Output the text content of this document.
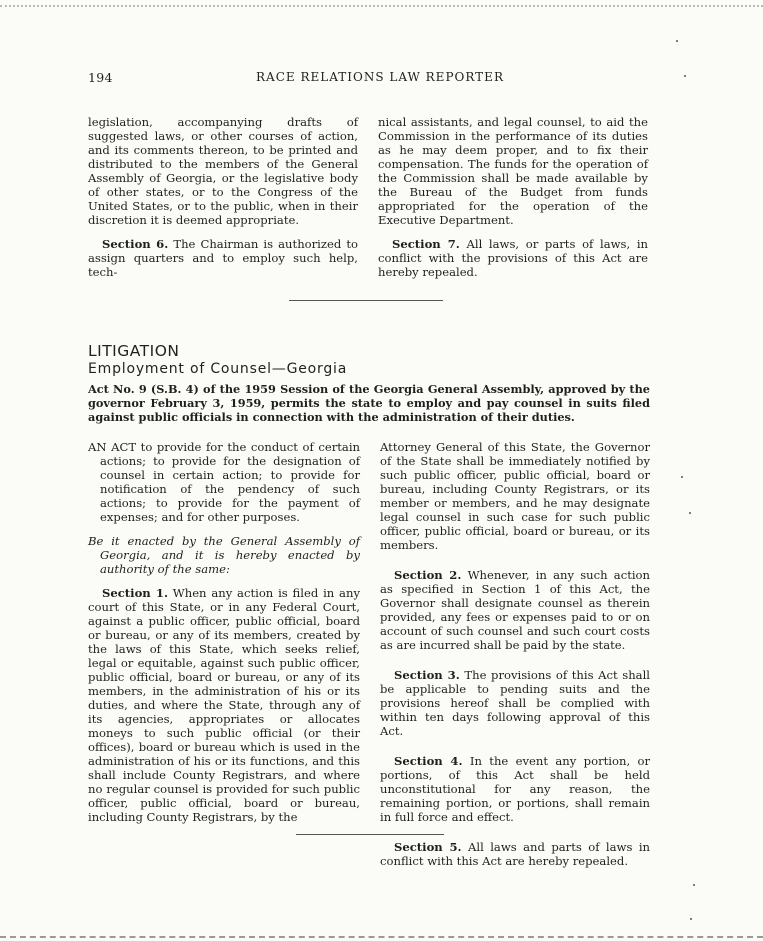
194	RACE RELATIONS LAW REPORTER

legislation, accompanying drafts of suggested laws, or other courses of action, and its comments thereon, to be printed and distributed to the members of the General Assembly of Georgia, or the legislative body of other states, or to the Congress of the United States, or to the public, when in their discretion it is deemed appropriate.

Section 6. The Chairman is authorized to assign quarters and to employ such help, tech-

nical assistants, and legal counsel, to aid the Commission in the performance of its duties as he may deem proper, and to fix their compensation. The funds for the operation of the Commission shall be made available by the Bureau of the Budget from funds appropriated for the operation of the Executive Department.

Section 7. All laws, or parts of laws, in conflict with the provisions of this Act are hereby repealed.

LITIGATION
Employment of Counsel—Georgia
Act No. 9 (S.B. 4) of the 1959 Session of the Georgia General Assembly, approved by the governor February 3, 1959, permits the state to employ and pay counsel in suits filed against public officials in connection with the administration of their duties.

AN ACT to provide for the conduct of certain actions; to provide for the designation of counsel in certain action; to provide for notification of the pendency of such actions; to provide for the payment of expenses; and for other purposes.

Be it enacted by the General Assembly of Georgia, and it is hereby enacted by authority of the same:

Section 1. When any action is filed in any court of this State, or in any Federal Court, against a public officer, public official, board or bureau, or any of its members, created by the laws of this State, which seeks relief, legal or equitable, against such public officer, public official, board or bureau, or any of its members, in the administration of his or its duties, and where the State, through any of its agencies, appropriates or allocates moneys to such public official (or their offices), board or bureau which is used in the administration of his or its functions, and this shall include County Registrars, and where no regular counsel is provided for such public officer, public official, board or bureau, including County Registrars, by the

Attorney General of this State, the Governor of the State shall be immediately notified by such public officer, public official, board or bureau, including County Registrars, or its member or members, and he may designate legal counsel in such case for such public officer, public official, board or bureau, or its members.

Section 2. Whenever, in any such action as specified in Section 1 of this Act, the Governor shall designate counsel as therein provided, any fees or expenses paid to or on account of such counsel and such court costs as are incurred shall be paid by the state.

Section 3. The provisions of this Act shall be applicable to pending suits and the provisions hereof shall be complied with within ten days following approval of this Act.

Section 4. In the event any portion, or portions, of this Act shall be held unconstitutional for any reason, the remaining portion, or portions, shall remain in full force and effect.

Section 5. All laws and parts of laws in conflict with this Act are hereby repealed.
